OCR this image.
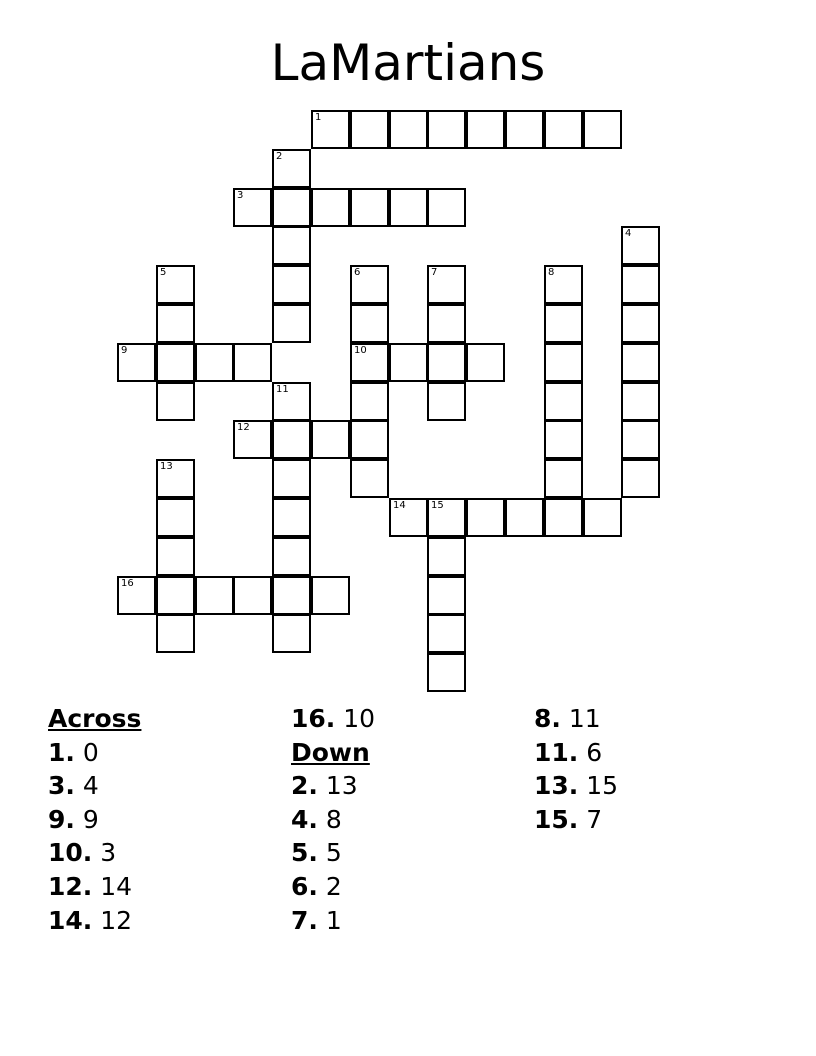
LaMartians
1
2
3
4
5	6	7	8
9	10
11
12
13
14	15
16
Across
1. 0
3. 4
9. 9
10. 3
12. 14
14. 12
16. 10
Down
2. 13
4. 8
5. 5
6. 2
7. 1
8. 11
11. 6
13. 15
15. 7
